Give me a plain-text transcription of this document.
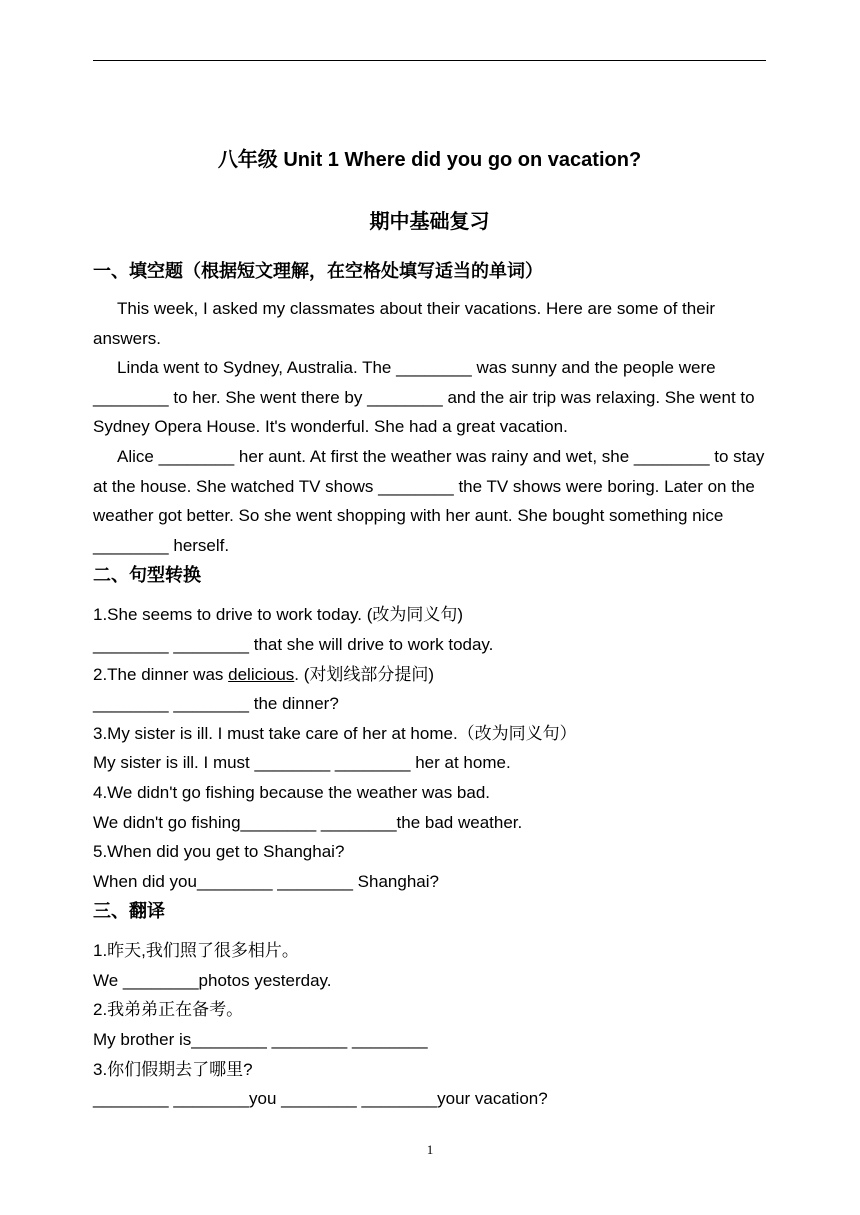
八年级 Unit 1 Where did you go on vacation?
期中基础复习

一、填空题（根据短文理解，在空格处填写适当的单词）

This week, I asked my classmates about their vacations. Here are some of their answers.

Linda went to Sydney, Australia. The ________ was sunny and the people were ________ to her. She went there by ________ and the air trip was relaxing. She went to Sydney Opera House. It's wonderful. She had a great vacation.

Alice ________ her aunt. At first the weather was rainy and wet, she ________ to stay at the house. She watched TV shows ________ the TV shows were boring. Later on the weather got better. So she went shopping with her aunt. She bought something nice ________ herself.

二、句型转换

1.She seems to drive to work today. (改为同义句)

________ ________ that she will drive to work today.

2.The dinner was delicious. (对划线部分提问)

________ ________ the dinner?

3.My sister is ill. I must take care of her at home.（改为同义句）

My sister is ill. I must ________ ________ her at home.

4.We didn't go fishing because the weather was bad.

We didn't go fishing________ ________the bad weather.

5.When did you get to Shanghai?

When did you________ ________ Shanghai?

三、翻译

1.昨天,我们照了很多相片。

We ________photos yesterday.

2.我弟弟正在备考。

My brother is________ ________ ________

3.你们假期去了哪里?

________ ________you ________ ________your vacation?

1
